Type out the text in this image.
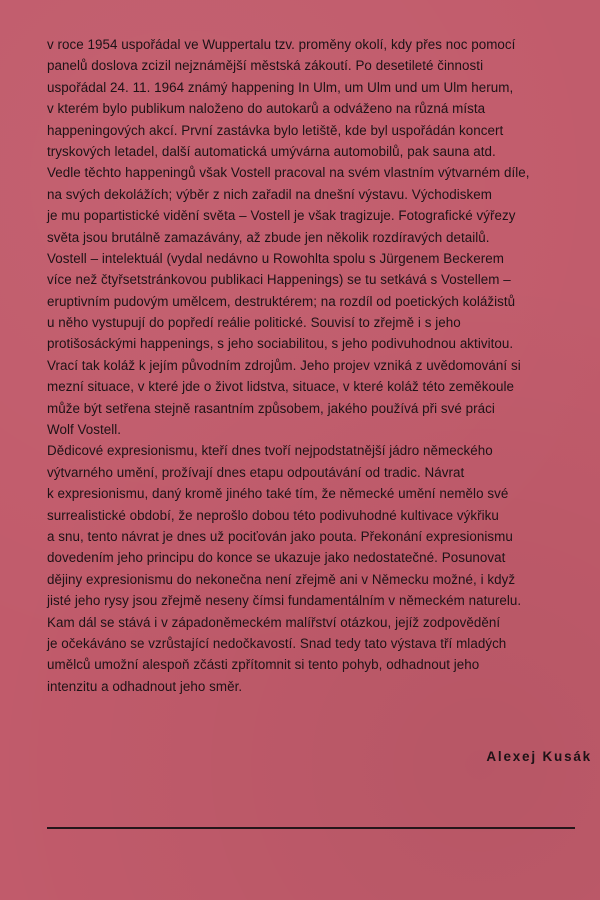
v roce 1954 uspořádal ve Wuppertalu tzv. proměny okolí, kdy přes noc pomocí
panelů doslova zcizil nejznámější městská zákoutí. Po desetileté činnosti
uspořádal 24. 11. 1964 známý happening In Ulm, um Ulm und um Ulm herum,
v kterém bylo publikum naloženo do autokarů a odváženo na různá místa
happeningových akcí. První zastávka bylo letiště, kde byl uspořádán koncert
tryskových letadel, další automatická umývárna automobilů, pak sauna atd.
Vedle těchto happeningů však Vostell pracoval na svém vlastním výtvarném díle,
na svých dekolážích; výběr z nich zařadil na dnešní výstavu. Východiskem
je mu popartistické vidění světa – Vostell je však tragizuje. Fotografické výřezy
světa jsou brutálně zamazávány, až zbude jen několik rozdíravých detailů.
Vostell – intelektuál (vydal nedávno u Rowohlta spolu s Jürgenem Beckerem
více než čtyřsetstránkovou publikaci Happenings) se tu setkává s Vostellem –
eruptivním pudovým umělcem, destruktérem; na rozdíl od poetických kolážistů
u něho vystupují do popředí reálie politické. Souvisí to zřejmě i s jeho
protišosáckými happenings, s jeho sociabilitou, s jeho podivuhodnou aktivitou.
Vrací tak koláž k jejím původním zdrojům. Jeho projev vzniká z uvědomování si
mezní situace, v které jde o život lidstva, situace, v které koláž této zeměkoule
může být setřena stejně rasantním způsobem, jakého používá při své práci
Wolf Vostell.
Dědicové expresionismu, kteří dnes tvoří nejpodstatnější jádro německého
výtvarného umění, prožívají dnes etapu odpoutávání od tradic. Návrat
k expresionismu, daný kromě jiného také tím, že německé umění nemělo své
surrealistické období, že neprošlo dobou této podivuhodné kultivace výkřiku
a snu, tento návrat je dnes už pociťován jako pouta. Překonání expresionismu
dovedením jeho principu do konce se ukazuje jako nedostatečné. Posunovat
dějiny expresionismu do nekonečna není zřejmě ani v Německu možné, i když
jisté jeho rysy jsou zřejmě neseny čímsi fundamentálním v německém naturelu.
Kam dál se stává i v západoněmeckém malířství otázkou, jejíž zodpovědění
je očekáváno se vzrůstající nedočkavostí. Snad tedy tato výstava tří mladých
umělců umožní alespoň zčásti zpřítomnit si tento pohyb, odhadnout jeho
intenzitu a odhadnout jeho směr.
Alexej Kusák
